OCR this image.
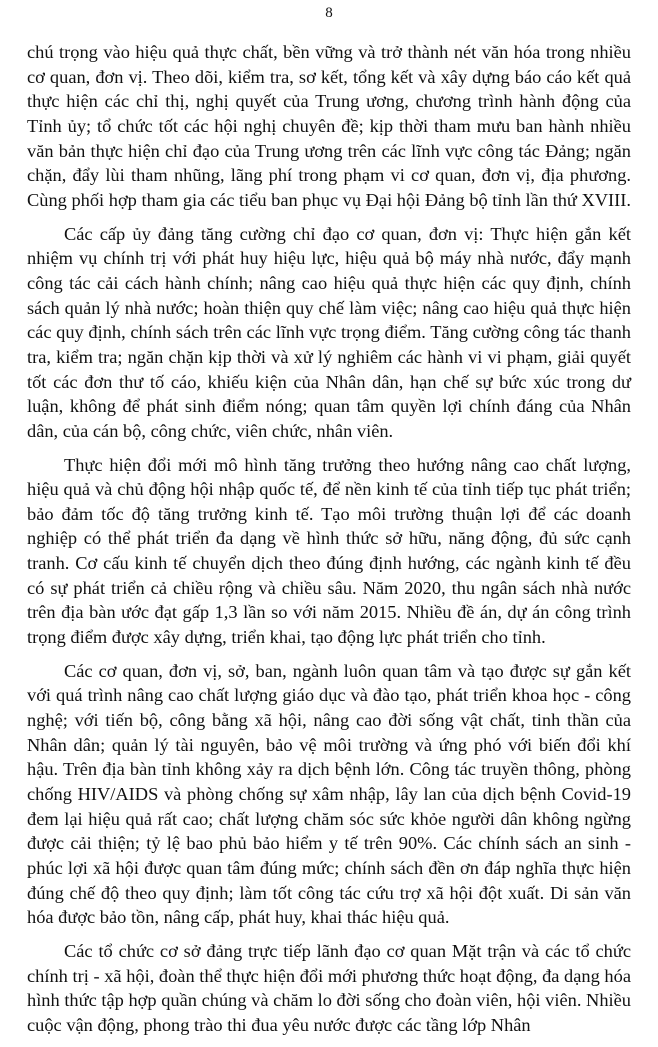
8

chú trọng vào hiệu quả thực chất, bền vững và trở thành nét văn hóa trong nhiều cơ quan, đơn vị. Theo dõi, kiểm tra, sơ kết, tổng kết và xây dựng báo cáo kết quả thực hiện các chỉ thị, nghị quyết của Trung ương, chương trình hành động của Tỉnh ủy; tổ chức tốt các hội nghị chuyên đề; kịp thời tham mưu ban hành nhiều văn bản thực hiện chỉ đạo của Trung ương trên các lĩnh vực công tác Đảng; ngăn chặn, đẩy lùi tham nhũng, lãng phí trong phạm vi cơ quan, đơn vị, địa phương. Cùng phối hợp tham gia các tiểu ban phục vụ Đại hội Đảng bộ tỉnh lần thứ XVIII.

Các cấp ủy đảng tăng cường chỉ đạo cơ quan, đơn vị: Thực hiện gắn kết nhiệm vụ chính trị với phát huy hiệu lực, hiệu quả bộ máy nhà nước, đẩy mạnh công tác cải cách hành chính; nâng cao hiệu quả thực hiện các quy định, chính sách quản lý nhà nước; hoàn thiện quy chế làm việc; nâng cao hiệu quả thực hiện các quy định, chính sách trên các lĩnh vực trọng điểm. Tăng cường công tác thanh tra, kiểm tra; ngăn chặn kịp thời và xử lý nghiêm các hành vi vi phạm, giải quyết tốt các đơn thư tố cáo, khiếu kiện của Nhân dân, hạn chế sự bức xúc trong dư luận, không để phát sinh điểm nóng; quan tâm quyền lợi chính đáng của Nhân dân, của cán bộ, công chức, viên chức, nhân viên.

Thực hiện đổi mới mô hình tăng trưởng theo hướng nâng cao chất lượng, hiệu quả và chủ động hội nhập quốc tế, để nền kinh tế của tỉnh tiếp tục phát triển; bảo đảm tốc độ tăng trưởng kinh tế. Tạo môi trường thuận lợi để các doanh nghiệp có thể phát triển đa dạng về hình thức sở hữu, năng động, đủ sức cạnh tranh. Cơ cấu kinh tế chuyển dịch theo đúng định hướng, các ngành kinh tế đều có sự phát triển cả chiều rộng và chiều sâu. Năm 2020, thu ngân sách nhà nước trên địa bàn ước đạt gấp 1,3 lần so với năm 2015. Nhiều đề án, dự án công trình trọng điểm được xây dựng, triển khai, tạo động lực phát triển cho tỉnh.

Các cơ quan, đơn vị, sở, ban, ngành luôn quan tâm và tạo được sự gắn kết với quá trình nâng cao chất lượng giáo dục và đào tạo, phát triển khoa học - công nghệ; với tiến bộ, công bằng xã hội, nâng cao đời sống vật chất, tinh thần của Nhân dân; quản lý tài nguyên, bảo vệ môi trường và ứng phó với biến đổi khí hậu. Trên địa bàn tỉnh không xảy ra dịch bệnh lớn. Công tác truyền thông, phòng chống HIV/AIDS và phòng chống sự xâm nhập, lây lan của dịch bệnh Covid-19 đem lại hiệu quả rất cao; chất lượng chăm sóc sức khỏe người dân không ngừng được cải thiện; tỷ lệ bao phủ bảo hiểm y tế trên 90%. Các chính sách an sinh - phúc lợi xã hội được quan tâm đúng mức; chính sách đền ơn đáp nghĩa thực hiện đúng chế độ theo quy định; làm tốt công tác cứu trợ xã hội đột xuất. Di sản văn hóa được bảo tồn, nâng cấp, phát huy, khai thác hiệu quả.

Các tổ chức cơ sở đảng trực tiếp lãnh đạo cơ quan Mặt trận và các tổ chức chính trị - xã hội, đoàn thể thực hiện đổi mới phương thức hoạt động, đa dạng hóa hình thức tập hợp quần chúng và chăm lo đời sống cho đoàn viên, hội viên. Nhiều cuộc vận động, phong trào thi đua yêu nước được các tầng lớp Nhân
